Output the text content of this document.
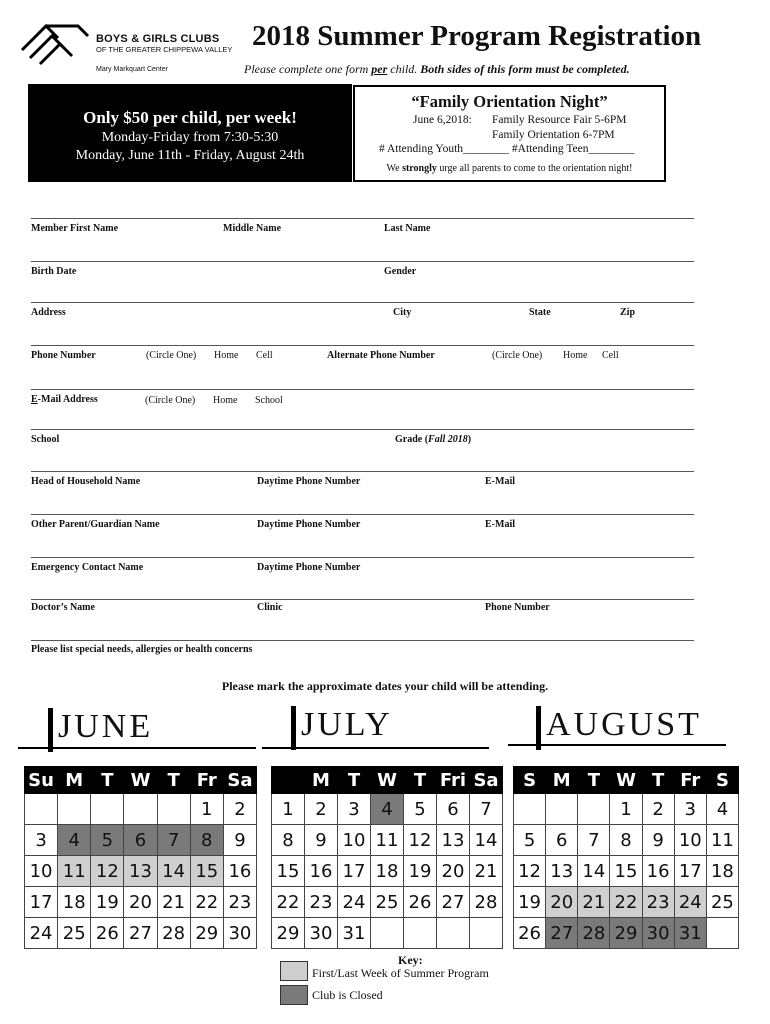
BOYS & GIRLS CLUBS
OF THE GREATER CHIPPEWA VALLEY
Mary Markquart Center
2018 Summer Program Registration
Please complete one form per child. Both sides of this form must be completed.
Only $50 per child, per week!
Monday-Friday from 7:30-5:30
Monday, June 11th - Friday, August 24th
“Family Orientation Night”
June 6,2018: Family Resource Fair 5-6PM
Family Orientation 6-7PM
# Attending Youth________ #Attending Teen________
We strongly urge all parents to come to the orientation night!
Member First Name	Middle Name	Last Name
Birth Date	Gender
Address	City	State	Zip
Phone Number	(Circle One) Home Cell	Alternate Phone Number	(Circle One) Home Cell
E-Mail Address	(Circle One) Home School
School	Grade (Fall 2018)
Head of Household Name	Daytime Phone Number	E-Mail
Other Parent/Guardian Name	Daytime Phone Number	E-Mail
Emergency Contact Name	Daytime Phone Number
Doctor’s Name	Clinic	Phone Number
Please list special needs, allergies or health concerns
Please mark the approximate dates your child will be attending.
JUNE
Su	M	T	W	T	Fr	Sa
					1	2
3	4	5	6	7	8	9
10	11	12	13	14	15	16
17	18	19	20	21	22	23
24	25	26	27	28	29	30
JULY
	M	T	W	T	Fri	Sa
1	2	3	4	5	6	7
8	9	10	11	12	13	14
15	16	17	18	19	20	21
22	23	24	25	26	27	28
29	30	31				
AUGUST
S	M	T	W	T	Fr	S
			1	2	3	4
5	6	7	8	9	10	11
12	13	14	15	16	17	18
19	20	21	22	23	24	25
26	27	28	29	30	31	
Key:
First/Last Week of Summer Program
Club is Closed
